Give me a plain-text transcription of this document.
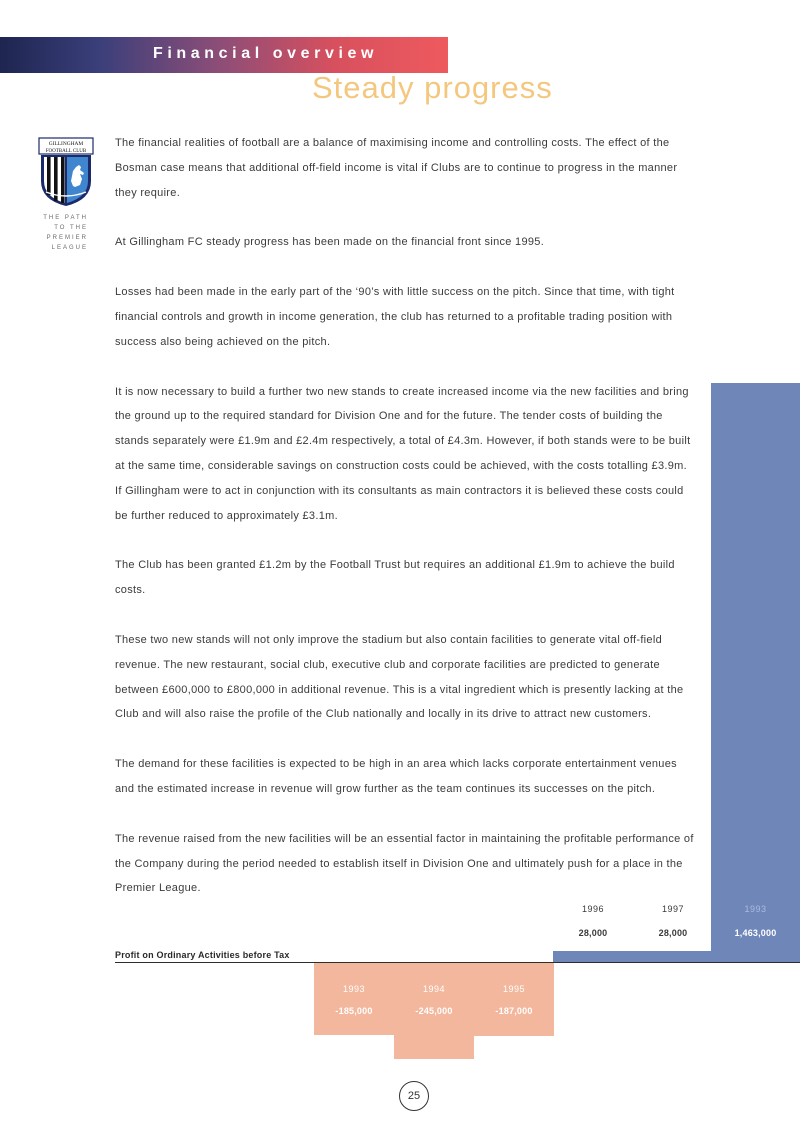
Financial overview
Steady progress
GILLINGHAM
FOOTBALL CLUB
THE PATH
TO THE
PREMIER
LEAGUE

The financial realities of football are a balance of maximising income and controlling costs. The effect of the Bosman case means that additional off-field income is vital if Clubs are to continue to progress in the manner they require.

At Gillingham FC steady progress has been made on the financial front since 1995.

Losses had been made in the early part of the ‘90’s with little success on the pitch. Since that time, with tight financial controls and growth in income generation, the club has returned to a profitable trading position with success also being achieved on the pitch.

It is now necessary to build a further two new stands to create increased income via the new facilities and bring the ground up to the required standard for Division One and for the future. The tender costs of building the stands separately were £1.9m and £2.4m respectively, a total of £4.3m. However, if both stands were to be built at the same time, considerable savings on construction costs could be achieved, with the costs totalling £3.9m. If Gillingham were to act in conjunction with its consultants as main contractors it is believed these costs could be further reduced to approximately £3.1m.

The Club has been granted £1.2m by the Football Trust but requires an additional £1.9m to achieve the build costs.

These two new stands will not only improve the stadium but also contain facilities to generate vital off-field revenue. The new restaurant, social club, executive club and corporate facilities are predicted to generate between £600,000 to £800,000 in additional revenue. This is a vital ingredient which is presently lacking at the Club and will also raise the profile of the Club nationally and locally in its drive to attract new customers.

The demand for these facilities is expected to be high in an area which lacks corporate entertainment venues and the estimated increase in revenue will grow further as the team continues its successes on the pitch.

The revenue raised from the new facilities will be an essential factor in maintaining the profitable performance of the Company during the period needed to establish itself in Division One and ultimately push for a place in the Premier League.

1993
-185,000
1994
-245,000
1995
-187,000
1996
28,000
1997
28,000
1993
1,463,000

Profit on Ordinary Activities before Tax

25
